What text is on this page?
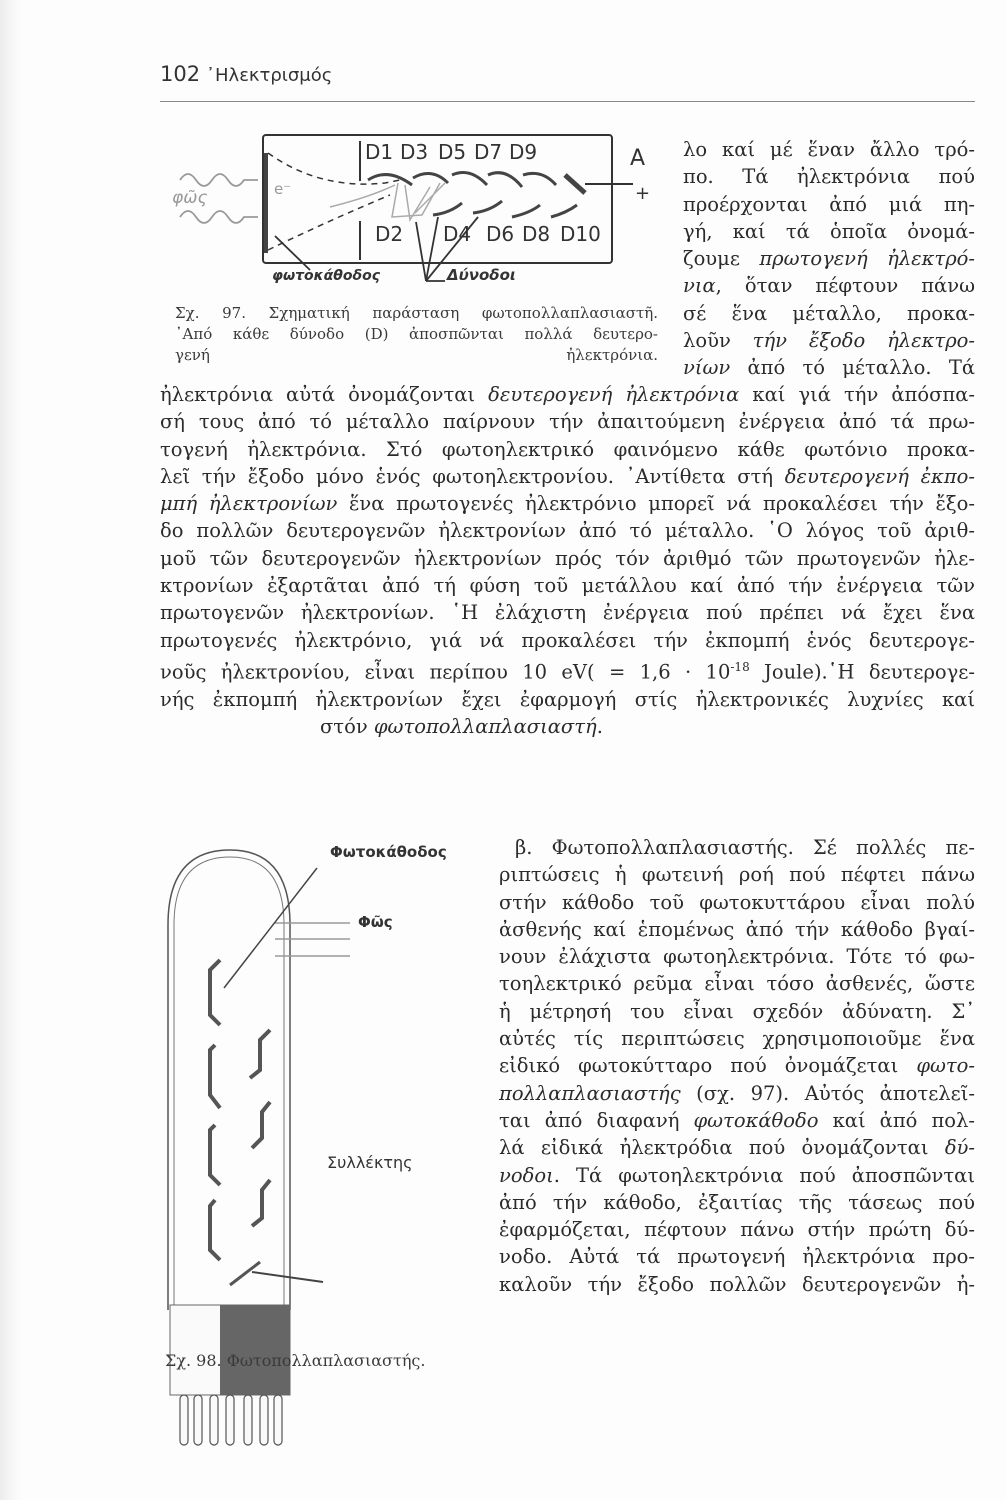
102 ᾿Ηλεκτρισμός
φῶς	e⁻
D1 D3 D5 D7 D9
D2 D4 D6 D8 D10
A
+
φωτοκάθοδος	Δύνοδοι
Σχ. 97. Σχηματική παράσταση φωτοπολλαπλασιαστῆ.
᾿Από κάθε δύνοδο (D) ἀποσπῶνται πολλά δευτερο-
γενή ἠλεκτρόνια.
λο καί μέ ἕναν ἄλλο τρό-
πο. Τά ἠλεκτρόνια πού
προέρχονται ἀπό μιά πη-
γή, καί τά ὁποῖα ὀνομά-
ζουμε πρωτογενή ἠλεκτρό-
νια, ὅταν πέφτουν πάνω
σέ ἕνα μέταλλο, προκα-
λοῦν τήν ἔξοδο ἠλεκτρο-
νίων ἀπό τό μέταλλο. Τά
ἠλεκτρόνια αὐτά ὀνομάζονται δευτερογενή ἠλεκτρόνια καί γιά τήν ἀπόσπα-
σή τους ἀπό τό μέταλλο παίρνουν τήν ἀπαιτούμενη ἐνέργεια ἀπό τά πρω-
τογενή ἠλεκτρόνια. Στό φωτοηλεκτρικό φαινόμενο κάθε φωτόνιο προκα-
λεῖ τήν ἔξοδο μόνο ἑνός φωτοηλεκτρονίου. ᾿Αντίθετα στή δευτερογενή ἐκπο-
μπή ἠλεκτρονίων ἕνα πρωτογενές ἠλεκτρόνιο μπορεῖ νά προκαλέσει τήν ἔξο-
δο πολλῶν δευτερογενῶν ἠλεκτρονίων ἀπό τό μέταλλο. ῾Ο λόγος τοῦ ἀριθ-
μοῦ τῶν δευτερογενῶν ἠλεκτρονίων πρός τόν ἀριθμό τῶν πρωτογενῶν ἠλε-
κτρονίων ἐξαρτᾶται ἀπό τή φύση τοῦ μετάλλου καί ἀπό τήν ἐνέργεια τῶν
πρωτογενῶν ἠλεκτρονίων. ῾Η ἐλάχιστη ἐνέργεια πού πρέπει νά ἔχει ἕνα
πρωτογενές ἠλεκτρόνιο, γιά νά προκαλέσει τήν ἐκπομπή ἑνός δευτερογε-
νοῦς ἠλεκτρονίου, εἶναι περίπου 10 $eV( = 1,6 \cdot 10^{-18}$ Joule).῾Η δευτερογε-
νής ἐκπομπή ἠλεκτρονίων ἔχει ἐφαρμογή στίς ἠλεκτρονικές λυχνίες καί
στόν φωτοπολλαπλασιαστή.
Φωτοκάθοδος
Φῶς
Συλλέκτης
Σχ. 98. Φωτοπολλαπλασιαστής.
β. Φωτοπολλαπλασιαστής. Σέ πολλές πε-
ριπτώσεις ἡ φωτεινή ροή πού πέφτει πάνω
στήν κάθοδο τοῦ φωτοκυττάρου εἶναι πολύ
ἀσθενής καί ἑπομένως ἀπό τήν κάθοδο βγαί-
νουν ἐλάχιστα φωτοηλεκτρόνια. Τότε τό φω-
τοηλεκτρικό ρεῦμα εἶναι τόσο ἀσθενές, ὥστε
ἡ μέτρησή του εἶναι σχεδόν ἀδύνατη. Σ᾿
αὐτές τίς περιπτώσεις χρησιμοποιοῦμε ἕνα
εἰδικό φωτοκύτταρο πού ὀνομάζεται φωτο-
πολλαπλασιαστής (σχ. 97). Αὐτός ἀποτελεῖ-
ται ἀπό διαφανή φωτοκάθοδο καί ἀπό πολ-
λά εἰδικά ἠλεκτρόδια πού ὀνομάζονται δύ-
νοδοι. Τά φωτοηλεκτρόνια πού ἀποσπῶνται
ἀπό τήν κάθοδο, ἐξαιτίας τῆς τάσεως πού
ἐφαρμόζεται, πέφτουν πάνω στήν πρώτη δύ-
νοδο. Αὐτά τά πρωτογενή ἠλεκτρόνια προ-
καλοῦν τήν ἔξοδο πολλῶν δευτερογενῶν ἠ-
